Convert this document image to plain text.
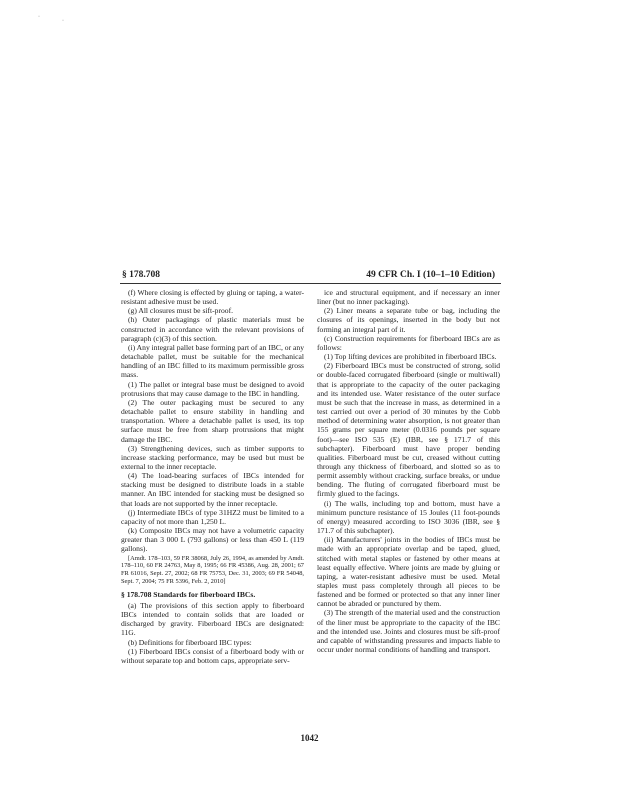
·
·
§ 178.708	49 CFR Ch. I (10–1–10 Edition)

(f) Where closing is effected by gluing or taping, a water-resistant adhesive must be used.

(g) All closures must be sift-proof.

(h) Outer packagings of plastic materials must be constructed in accordance with the relevant provisions of paragraph (c)(3) of this section.

(i) Any integral pallet base forming part of an IBC, or any detachable pallet, must be suitable for the mechanical handling of an IBC filled to its maximum permissible gross mass.

(1) The pallet or integral base must be designed to avoid protrusions that may cause damage to the IBC in handling.

(2) The outer packaging must be secured to any detachable pallet to ensure stability in handling and transportation. Where a detachable pallet is used, its top surface must be free from sharp protrusions that might damage the IBC.

(3) Strengthening devices, such as timber supports to increase stacking performance, may be used but must be external to the inner receptacle.

(4) The load-bearing surfaces of IBCs intended for stacking must be designed to distribute loads in a stable manner. An IBC intended for stacking must be designed so that loads are not supported by the inner receptacle.

(j) Intermediate IBCs of type 31HZ2 must be limited to a capacity of not more than 1,250 L.

(k) Composite IBCs may not have a volumetric capacity greater than 3 000 L (793 gallons) or less than 450 L (119 gallons).

[Amdt. 178–103, 59 FR 38068, July 26, 1994, as amended by Amdt. 178–110, 60 FR 24763, May 8, 1995; 66 FR 45386, Aug. 28, 2001; 67 FR 61016, Sept. 27, 2002; 68 FR 75753, Dec. 31, 2003; 69 FR 54048, Sept. 7, 2004; 75 FR 5396, Feb. 2, 2010]

§ 178.708 Standards for fiberboard IBCs.

(a) The provisions of this section apply to fiberboard IBCs intended to contain solids that are loaded or discharged by gravity. Fiberboard IBCs are designated: 11G.

(b) Definitions for fiberboard IBC types:

(1) Fiberboard IBCs consist of a fiberboard body with or without separate top and bottom caps, appropriate serv-

ice and structural equipment, and if necessary an inner liner (but no inner packaging).

(2) Liner means a separate tube or bag, including the closures of its openings, inserted in the body but not forming an integral part of it.

(c) Construction requirements for fiberboard IBCs are as follows:

(1) Top lifting devices are prohibited in fiberboard IBCs.

(2) Fiberboard IBCs must be constructed of strong, solid or double-faced corrugated fiberboard (single or multiwall) that is appropriate to the capacity of the outer packaging and its intended use. Water resistance of the outer surface must be such that the increase in mass, as determined in a test carried out over a period of 30 minutes by the Cobb method of determining water absorption, is not greater than 155 grams per square meter (0.0316 pounds per square foot)—see ISO 535 (E) (IBR, see § 171.7 of this subchapter). Fiberboard must have proper bending qualities. Fiberboard must be cut, creased without cutting through any thickness of fiberboard, and slotted so as to permit assembly without cracking, surface breaks, or undue bending. The fluting of corrugated fiberboard must be firmly glued to the facings.

(i) The walls, including top and bottom, must have a minimum puncture resistance of 15 Joules (11 foot-pounds of energy) measured according to ISO 3036 (IBR, see § 171.7 of this subchapter).

(ii) Manufacturers' joints in the bodies of IBCs must be made with an appropriate overlap and be taped, glued, stitched with metal staples or fastened by other means at least equally effective. Where joints are made by gluing or taping, a water-resistant adhesive must be used. Metal staples must pass completely through all pieces to be fastened and be formed or protected so that any inner liner cannot be abraded or punctured by them.

(3) The strength of the material used and the construction of the liner must be appropriate to the capacity of the IBC and the intended use. Joints and closures must be sift-proof and capable of withstanding pressures and impacts liable to occur under normal conditions of handling and transport.

1042
